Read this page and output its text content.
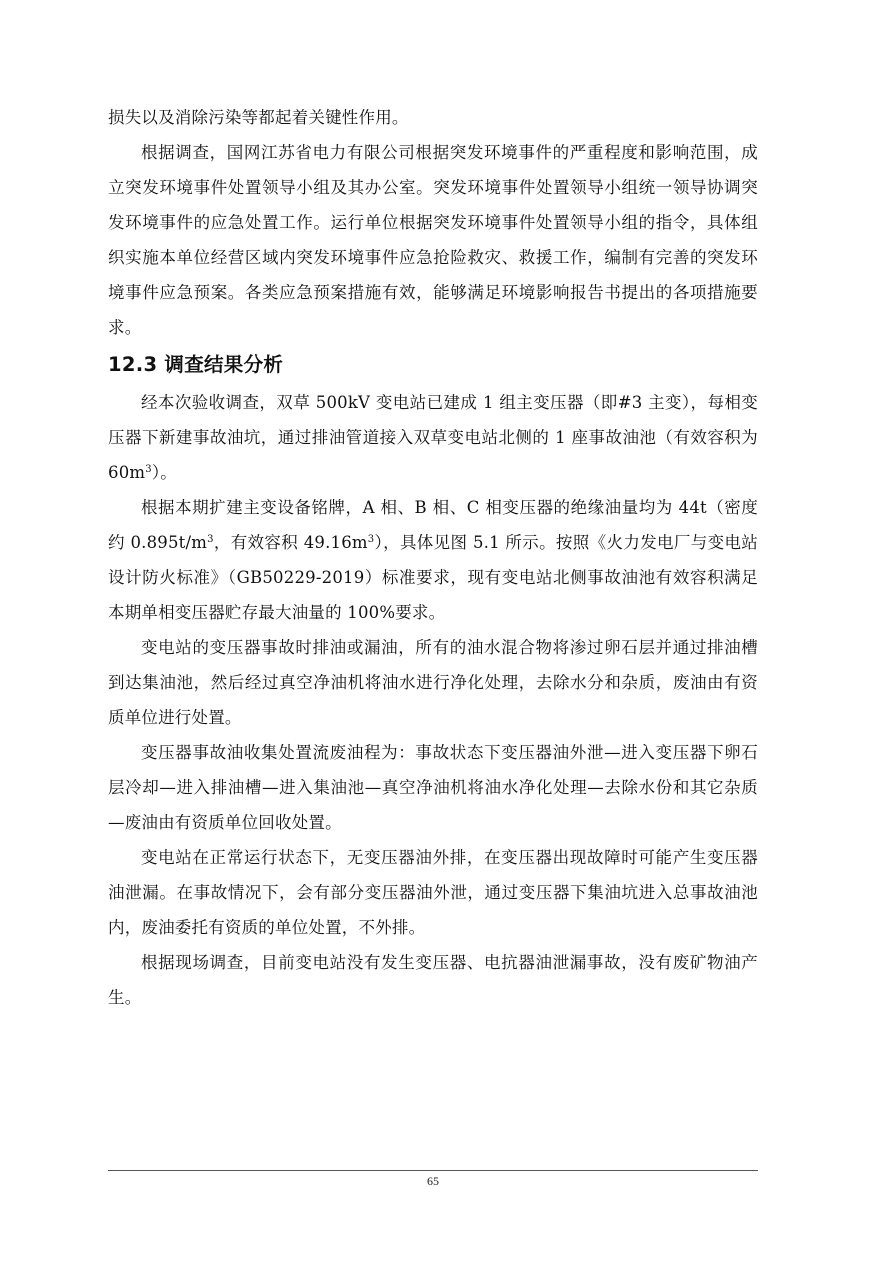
损失以及消除污染等都起着关键性作用。

根据调查，国网江苏省电力有限公司根据突发环境事件的严重程度和影响范围，成立突发环境事件处置领导小组及其办公室。突发环境事件处置领导小组统一领导协调突发环境事件的应急处置工作。运行单位根据突发环境事件处置领导小组的指令，具体组织实施本单位经营区域内突发环境事件应急抢险救灾、救援工作，编制有完善的突发环境事件应急预案。各类应急预案措施有效，能够满足环境影响报告书提出的各项措施要求。

12.3 调查结果分析

经本次验收调查，双草 500kV 变电站已建成 1 组主变压器（即#3 主变），每相变压器下新建事故油坑，通过排油管道接入双草变电站北侧的 1 座事故油池（有效容积为 $60m^3$）。

根据本期扩建主变设备铭牌，A 相、B 相、C 相变压器的绝缘油量均为 44t（密度约 $0.895t/m^3$，有效容积 $49.16m^3$），具体见图 5.1 所示。按照《火力发电厂与变电站设计防火标准》（GB50229-2019）标准要求，现有变电站北侧事故油池有效容积满足本期单相变压器贮存最大油量的 100%要求。

变电站的变压器事故时排油或漏油，所有的油水混合物将渗过卵石层并通过排油槽到达集油池，然后经过真空净油机将油水进行净化处理，去除水分和杂质，废油由有资质单位进行处置。

变压器事故油收集处置流废油程为：事故状态下变压器油外泄—进入变压器下卵石层冷却—进入排油槽—进入集油池—真空净油机将油水净化处理—去除水份和其它杂质—废油由有资质单位回收处置。

变电站在正常运行状态下，无变压器油外排，在变压器出现故障时可能产生变压器油泄漏。在事故情况下，会有部分变压器油外泄，通过变压器下集油坑进入总事故油池内，废油委托有资质的单位处置，不外排。

根据现场调查，目前变电站没有发生变压器、电抗器油泄漏事故，没有废矿物油产生。

65
